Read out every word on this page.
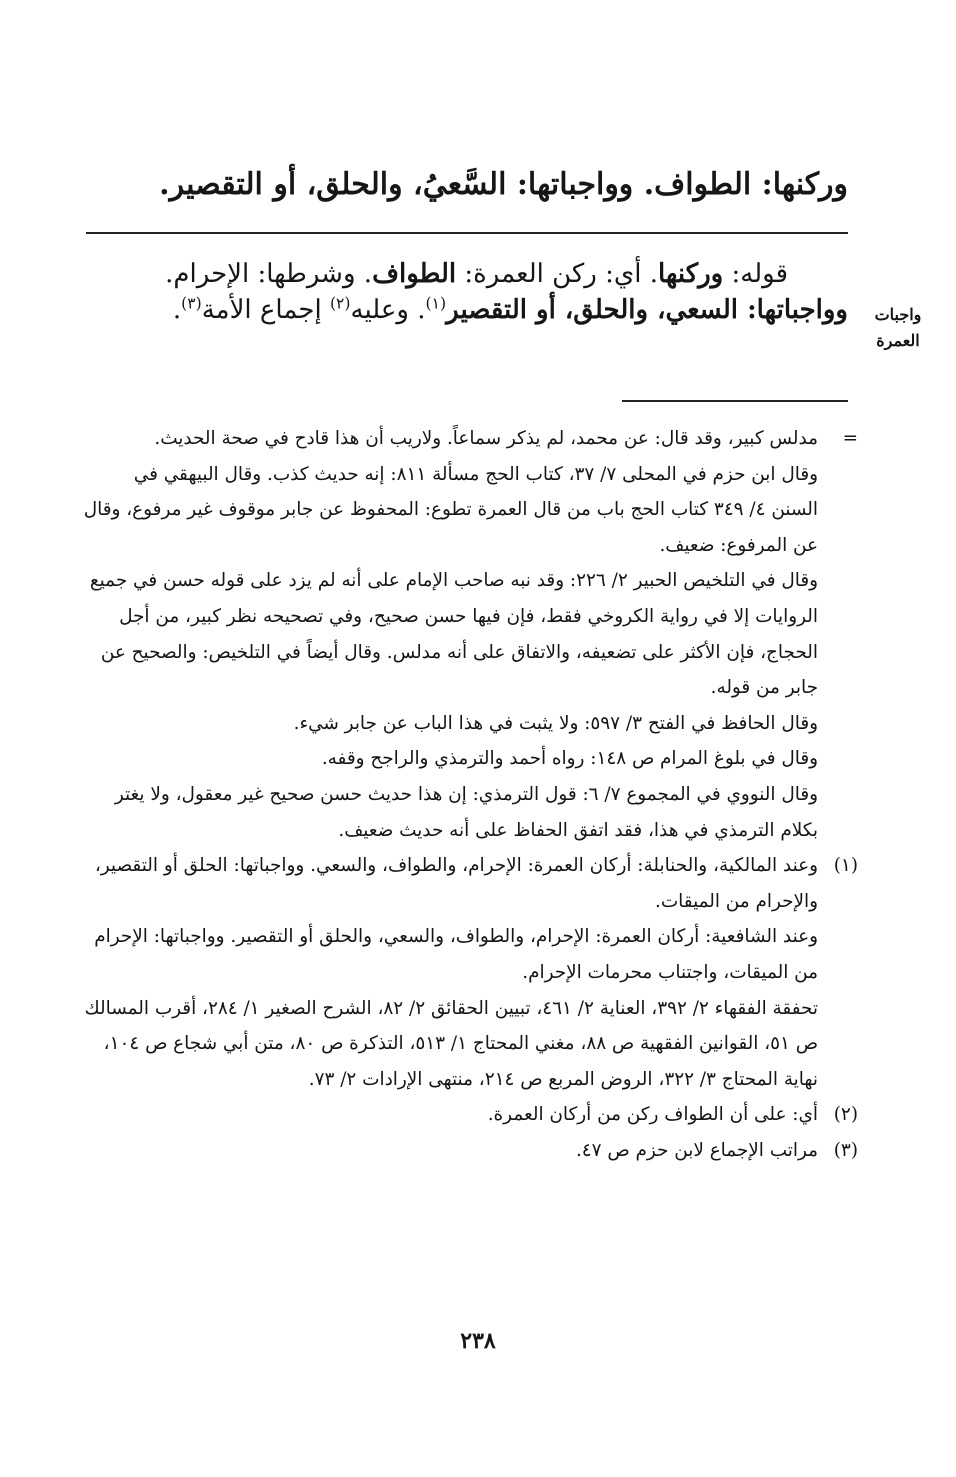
وركنها: الطواف. وواجباتها: السَّعيُ، والحلق، أو التقصير.
قوله: وركنها. أي: ركن العمرة: الطواف. وشرطها: الإحرام.
وواجباتها: السعي، والحلق، أو التقصير$^{(١)}$. وعليه$^{(٢)}$ إجماع الأمة$^{(٣)}$.	واجبات
العمرة
=

مدلس كبير، وقد قال: عن محمد، لم يذكر سماعاً. ولاريب أن هذا قادح في صحة الحديث.

وقال ابن حزم في المحلى ٧/ ٣٧، كتاب الحج مسألة ٨١١: إنه حديث كذب. وقال البيهقي في السنن ٤/ ٣٤٩ كتاب الحج باب من قال العمرة تطوع: المحفوظ عن جابر موقوف غير مرفوع، وقال عن المرفوع: ضعيف.

وقال في التلخيص الحبير ٢/ ٢٢٦: وقد نبه صاحب الإمام على أنه لم يزد على قوله حسن في جميع الروايات إلا في رواية الكروخي فقط، فإن فيها حسن صحيح، وفي تصحيحه نظر كبير، من أجل الحجاج، فإن الأكثر على تضعيفه، والاتفاق على أنه مدلس. وقال أيضاً في التلخيص: والصحيح عن جابر من قوله.

وقال الحافظ في الفتح ٣/ ٥٩٧: ولا يثبت في هذا الباب عن جابر شيء.

وقال في بلوغ المرام ص ١٤٨: رواه أحمد والترمذي والراجح وقفه.

وقال النووي في المجموع ٧/ ٦: قول الترمذي: إن هذا حديث حسن صحيح غير معقول، ولا يغتر بكلام الترمذي في هذا، فقد اتفق الحفاظ على أنه حديث ضعيف.

(١)

وعند المالكية، والحنابلة: أركان العمرة: الإحرام، والطواف، والسعي. وواجباتها: الحلق أو التقصير، والإحرام من الميقات.

وعند الشافعية: أركان العمرة: الإحرام، والطواف، والسعي، والحلق أو التقصير. وواجباتها: الإحرام من الميقات، واجتناب محرمات الإحرام.

تحفقة الفقهاء ٢/ ٣٩٢، العناية ٢/ ٤٦١، تبيين الحقائق ٢/ ٨٢، الشرح الصغير ١/ ٢٨٤، أقرب المسالك ص ٥١، القوانين الفقهية ص ٨٨، مغني المحتاج ١/ ٥١٣، التذكرة ص ٨٠، متن أبي شجاع ص ١٠٤، نهاية المحتاج ٣/ ٣٢٢، الروض المربع ص ٢١٤، منتهى الإرادات ٢/ ٧٣.

(٢)

أي: على أن الطواف ركن من أركان العمرة.

(٣)

مراتب الإجماع لابن حزم ص ٤٧.

٢٣٨
